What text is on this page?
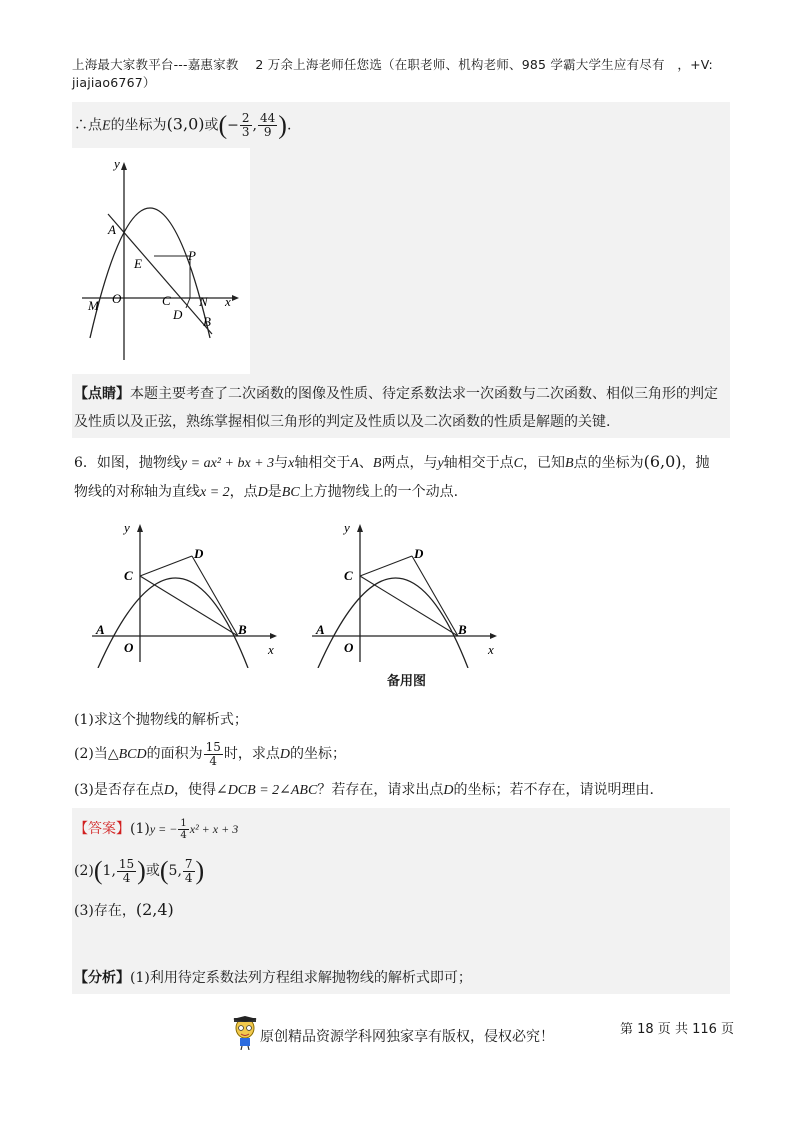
上海最大家教平台---嘉惠家教　 2 万余上海老师任您选（在职老师、机构老师、985 学霸大学生应有尽有　，+V:
jiajiao6767）
∴点E的坐标为(3,0)或(− $\frac{2}{3}$ , $\frac{44}{9}$ ).
y
A
E
P
M O	C N x
D B
【点睛】本题主要考查了二次函数的图像及性质、待定系数法求一次函数与二次函数、相似三角形的判定
及性质以及正弦，熟练掌握相似三角形的判定及性质以及二次函数的性质是解题的关键.
6．如图，抛物线y = ax² + bx + 3与x轴相交于A、B两点，与y轴相交于点C，已知B点的坐标为(6,0)，抛
物线的对称轴为直线x = 2，点D是BC上方抛物线上的一个动点.
y
D
C
A	B
O	x
y
D
C
A	B
O	x
备用图
(1)求这个抛物线的解析式；
(2)当△BCD的面积为 $\frac{15}{4}$ 时，求点D的坐标；
(3)是否存在点D，使得∠DCB = 2∠ABC？若存在，请求出点D的坐标；若不存在，请说明理由.
【答案】(1)y = − $\frac{1}{4} x^2 + x + 3$
(2)(1, $\frac{15}{4}$ )或(5, $\frac{7}{4}$ )
(3)存在，(2,4)
【分析】(1)利用待定系数法列方程组求解抛物线的解析式即可；
原创精品资源学科网独家享有版权，侵权必究！	第 18 页 共 116 页
